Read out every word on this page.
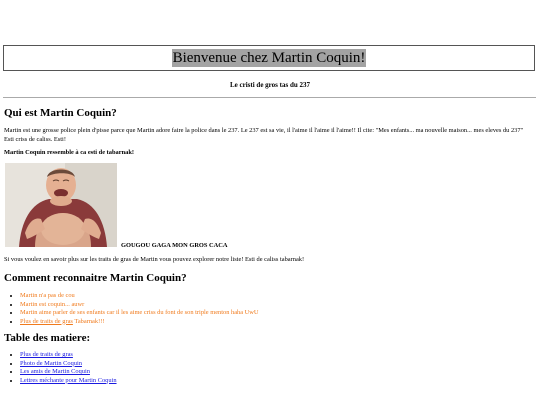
Bienvenue chez Martin Coquin!
Le cristi de gros tas du 237
Qui est Martin Coquin?

Martin est une grosse police plein d'pisse parce que Martin adore faire la police dans le 237. Le 237 est sa vie, il l'aime il l'aime il l'aime!! Il cite: "Mes enfants... ma nouvelle maison... mes eleves du 237" Esti criss de caliss. Esti!

Martin Coquin ressemble à ca esti de tabarnak!

GOUGOU GAGA MON GROS CACA

Si vous voulez en savoir plus sur les traits de gras de Martin vous pouvez explorer notre liste! Esti de caliss tabarnak!

Comment reconnaitre Martin Coquin?
• Martin n'a pas de cou
• Martin est coquin... auwr
• Martin aime parler de ses enfants car il les aime criss du font de son triple menton haha UwU
• Plus de traits de gras Tabarnak!!!
Table des matiere:
• Plus de traits de gras
• Photo de Martin Coquin
• Les amis de Martin Coquin
• Lettres méchante pour Martin Coquin
